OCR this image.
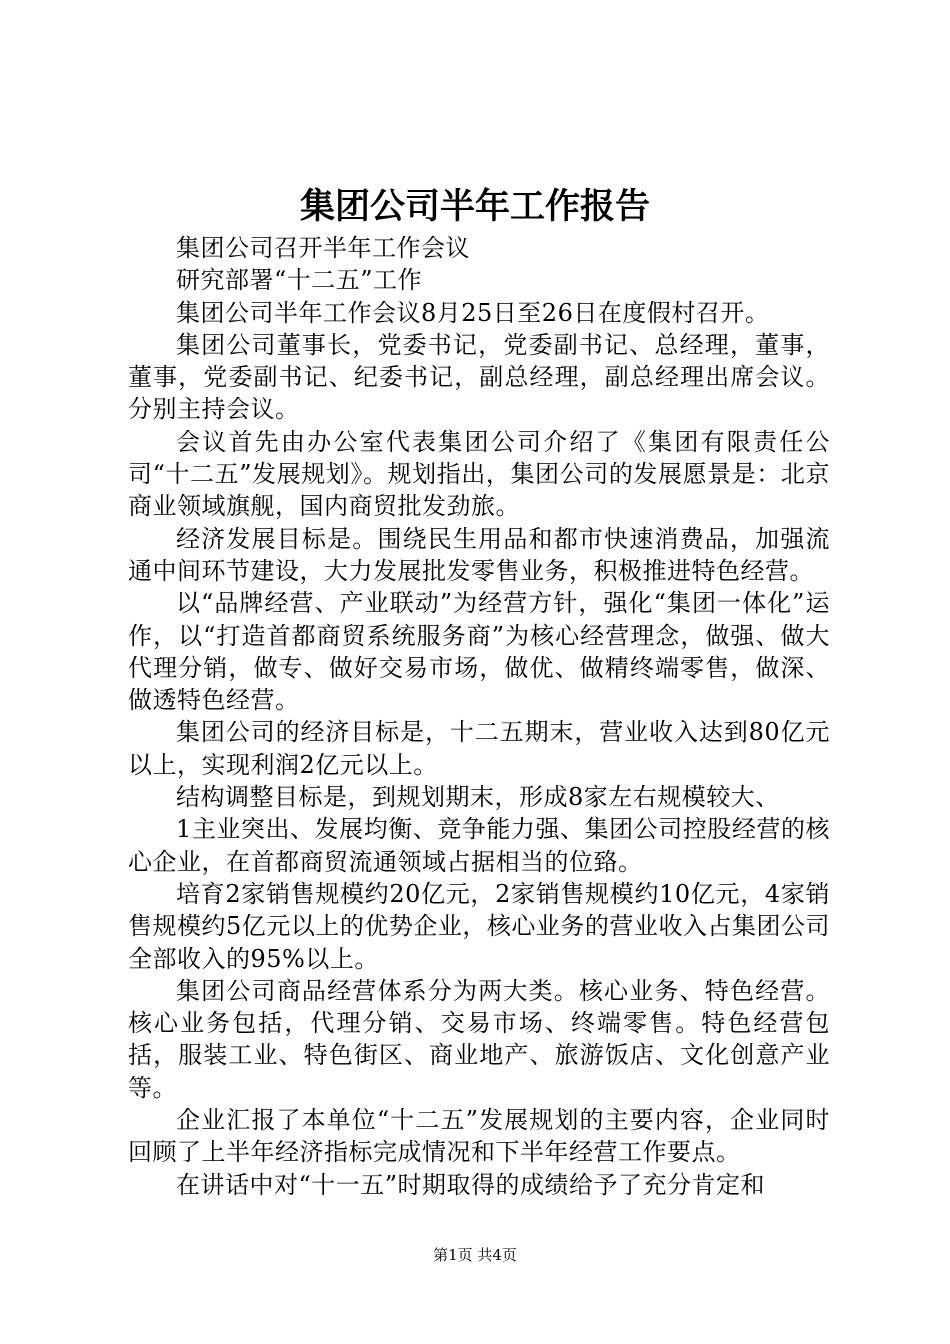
集团公司半年工作报告

集团公司召开半年工作会议

研究部署“十二五”工作

集团公司半年工作会议8月25日至26日在度假村召开。

集团公司董事长，党委书记，党委副书记、总经理，董事，董事，党委副书记、纪委书记，副总经理，副总经理出席会议。分别主持会议。

会议首先由办公室代表集团公司介绍了《集团有限责任公司“十二五”发展规划》。规划指出，集团公司的发展愿景是：北京商业领域旗舰，国内商贸批发劲旅。

经济发展目标是。围绕民生用品和都市快速消费品，加强流通中间环节建设，大力发展批发零售业务，积极推进特色经营。

以“品牌经营、产业联动”为经营方针，强化“集团一体化”运作，以“打造首都商贸系统服务商”为核心经营理念，做强、做大代理分销，做专、做好交易市场，做优、做精终端零售，做深、做透特色经营。

集团公司的经济目标是，十二五期末，营业收入达到80亿元以上，实现利润2亿元以上。

结构调整目标是，到规划期末，形成8家左右规模较大、

1主业突出、发展均衡、竞争能力强、集团公司控股经营的核心企业，在首都商贸流通领域占据相当的位臵。

培育2家销售规模约20亿元，2家销售规模约10亿元，4家销售规模约5亿元以上的优势企业，核心业务的营业收入占集团公司全部收入的95%以上。

集团公司商品经营体系分为两大类。核心业务、特色经营。核心业务包括，代理分销、交易市场、终端零售。特色经营包括，服装工业、特色街区、商业地产、旅游饭店、文化创意产业等。

企业汇报了本单位“十二五”发展规划的主要内容，企业同时回顾了上半年经济指标完成情况和下半年经营工作要点。

在讲话中对“十一五”时期取得的成绩给予了充分肯定和

第1页 共4页
